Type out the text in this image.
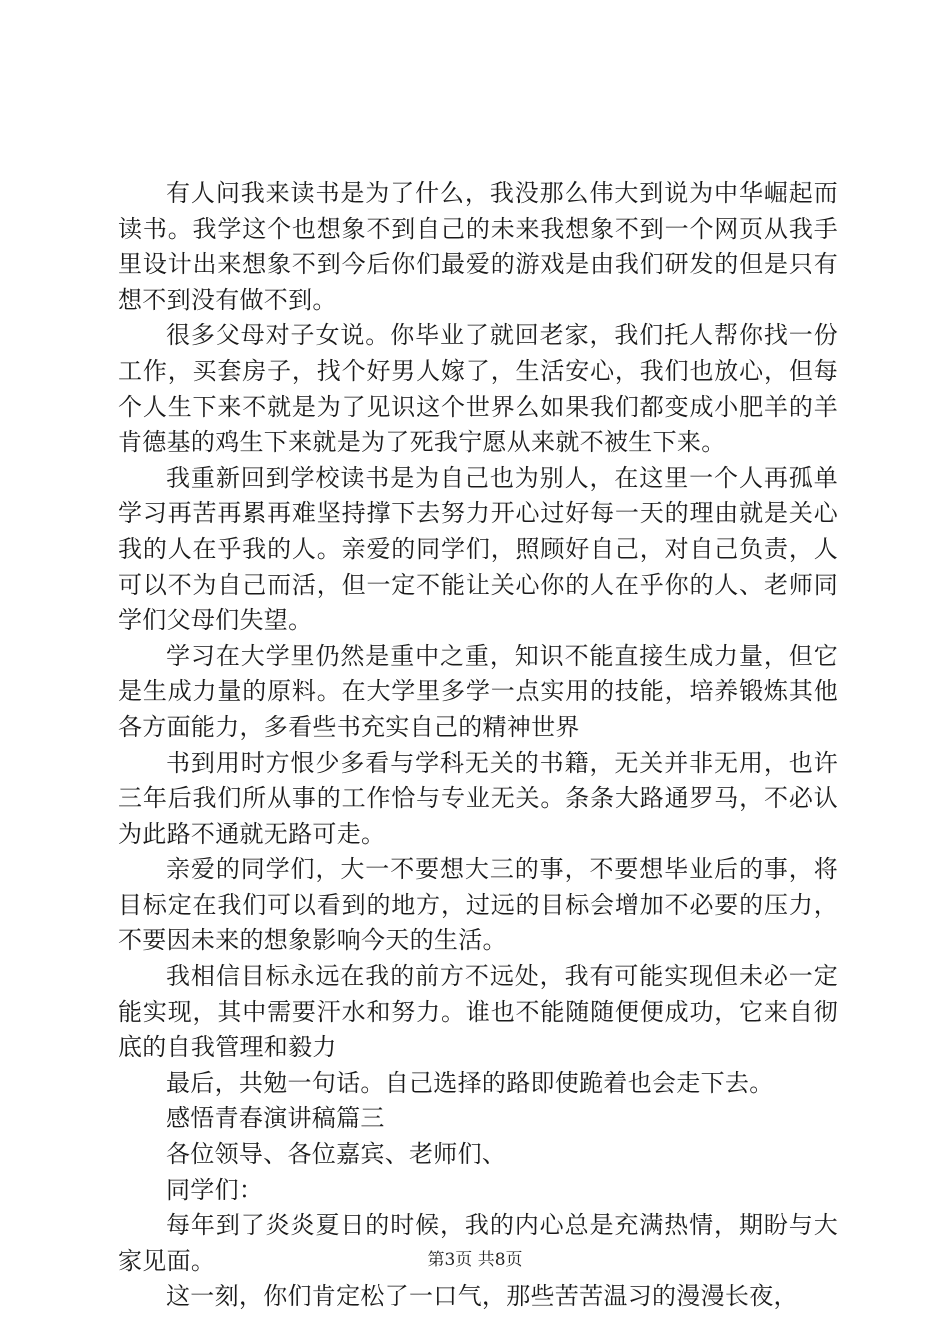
有人问我来读书是为了什么，我没那么伟大到说为中华崛起而读书。我学这个也想象不到自己的未来我想象不到一个网页从我手里设计出来想象不到今后你们最爱的游戏是由我们研发的但是只有想不到没有做不到。

很多父母对子女说。你毕业了就回老家，我们托人帮你找一份工作，买套房子，找个好男人嫁了，生活安心，我们也放心，但每个人生下来不就是为了见识这个世界么如果我们都变成小肥羊的羊肯德基的鸡生下来就是为了死我宁愿从来就不被生下来。

我重新回到学校读书是为自己也为别人，在这里一个人再孤单学习再苦再累再难坚持撑下去努力开心过好每一天的理由就是关心我的人在乎我的人。亲爱的同学们，照顾好自己，对自己负责，人可以不为自己而活，但一定不能让关心你的人在乎你的人、老师同学们父母们失望。

学习在大学里仍然是重中之重，知识不能直接生成力量，但它是生成力量的原料。在大学里多学一点实用的技能，培养锻炼其他各方面能力，多看些书充实自己的精神世界

书到用时方恨少多看与学科无关的书籍，无关并非无用，也许三年后我们所从事的工作恰与专业无关。条条大路通罗马，不必认为此路不通就无路可走。

亲爱的同学们，大一不要想大三的事，不要想毕业后的事，将目标定在我们可以看到的地方，过远的目标会增加不必要的压力，不要因未来的想象影响今天的生活。

我相信目标永远在我的前方不远处，我有可能实现但未必一定能实现，其中需要汗水和努力。谁也不能随随便便成功，它来自彻底的自我管理和毅力

最后，共勉一句话。自己选择的路即使跪着也会走下去。

感悟青春演讲稿篇三

各位领导、各位嘉宾、老师们、

同学们：

每年到了炎炎夏日的时候，我的内心总是充满热情，期盼与大家见面。

这一刻，你们肯定松了一口气，那些苦苦温习的漫漫长夜，

第3页 共8页
